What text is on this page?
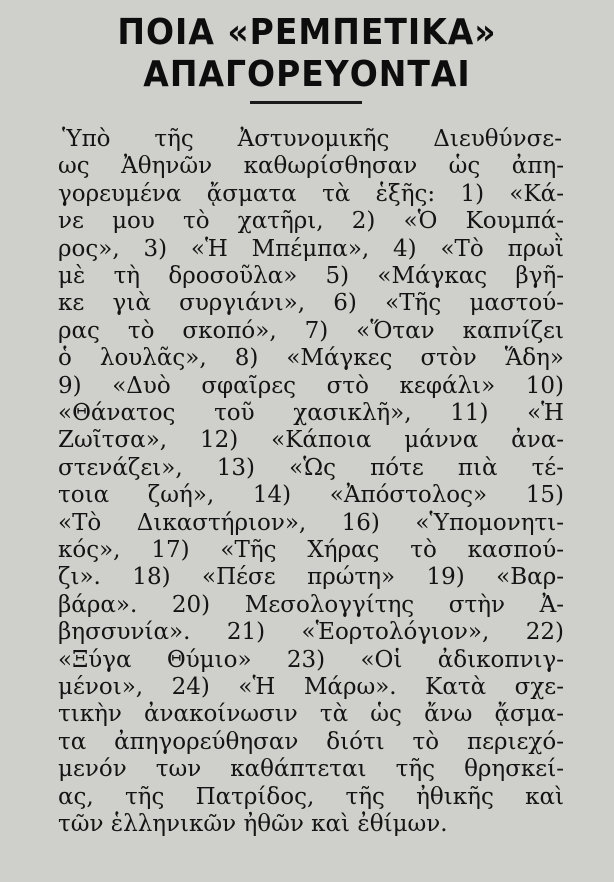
ΠΟΙΑ «ΡΕΜΠΕΤΙΚΑ»
ΑΠΑΓΟΡΕΥΟΝΤΑΙ
Ὑπὸ τῆς Ἀστυνομικῆς Διευθύνσε-
ως Ἀθηνῶν καθωρίσθησαν ὡς ἀπη-
γορευμένα ᾄσματα τὰ ἑξῆς: 1) «Κά-
νε μου τὸ χατῆρι, 2) «Ὁ Κουμπά-
ρος», 3) «Ἡ Μπέμπα», 4) «Τὸ πρωῒ
μὲ τὴ δροσοῦλα» 5) «Μάγκας βγῆ-
κε γιὰ συργιάνι», 6) «Τῆς μαστού-
ρας τὸ σκοπό», 7) «Ὅταν καπνίζει
ὁ λουλᾶς», 8) «Μάγκες στὸν Ἅδη»
9) «Δυὸ σφαῖρες στὸ κεφάλι» 10)
«Θάνατος τοῦ χασικλῆ», 11) «Ἡ
Ζωῖτσα», 12) «Κάποια μάννα ἀνα-
στενάζει», 13) «Ὡς πότε πιὰ τέ-
τοια ζωή», 14) «Ἀπόστολος» 15)
«Τὸ Δικαστήριον», 16) «Ὑπομονητι-
κός», 17) «Τῆς Χήρας τὸ κασπού-
ζι». 18) «Πέσε πρώτη» 19) «Βαρ-
βάρα». 20) Μεσολογγίτης στὴν Ἀ-
βησσυνία». 21) «Ἑορτολόγιον», 22)
«Ξύγα Θύμιο» 23) «Οἱ ἀδικοπνιγ-
μένοι», 24) «Ἡ Μάρω». Κατὰ σχε-
τικὴν ἀνακοίνωσιν τὰ ὡς ἄνω ᾄσμα-
τα ἀπηγορεύθησαν διότι τὸ περιεχό-
μενόν των καθάπτεται τῆς θρησκεί-
ας, τῆς Πατρίδος, τῆς ἠθικῆς καὶ
τῶν ἑλληνικῶν ἠθῶν καὶ ἐθίμων.
